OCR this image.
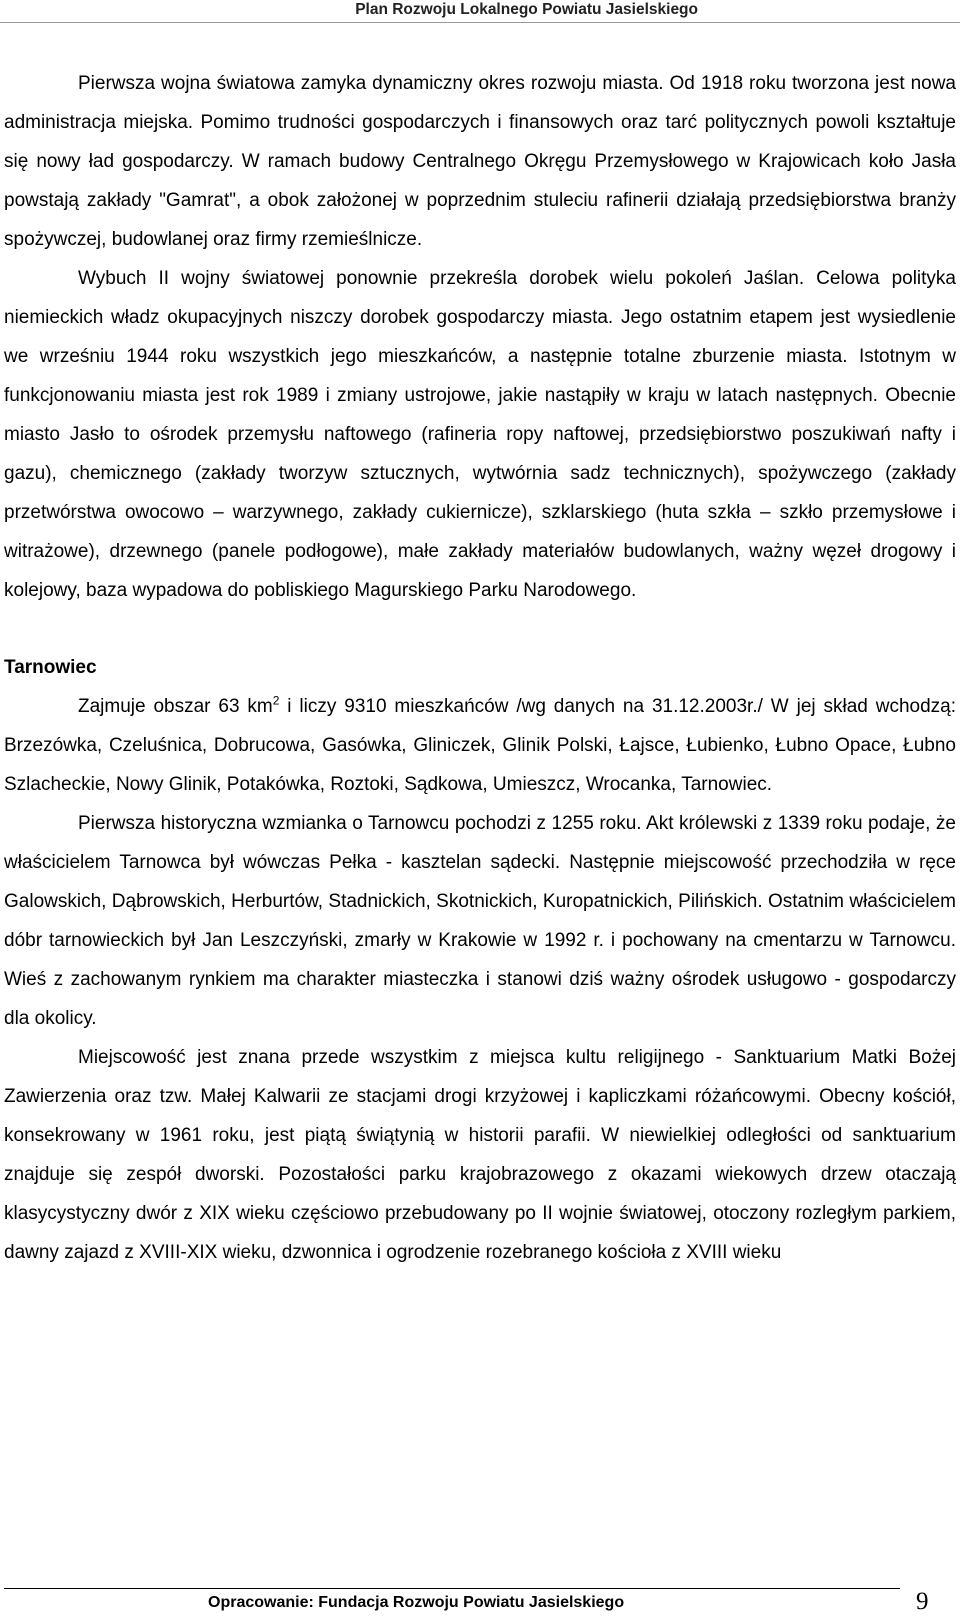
Plan Rozwoju Lokalnego Powiatu Jasielskiego

Pierwsza wojna światowa zamyka dynamiczny okres rozwoju miasta. Od 1918 roku tworzona jest nowa administracja miejska. Pomimo trudności gospodarczych i finansowych oraz tarć politycznych powoli kształtuje się nowy ład gospodarczy. W ramach budowy Centralnego Okręgu Przemysłowego w Krajowicach koło Jasła powstają zakłady "Gamrat", a obok założonej w poprzednim stuleciu rafinerii działają przedsiębiorstwa branży spożywczej, budowlanej oraz firmy rzemieślnicze.

Wybuch II wojny światowej ponownie przekreśla dorobek wielu pokoleń Jaślan. Celowa polityka niemieckich władz okupacyjnych niszczy dorobek gospodarczy miasta. Jego ostatnim etapem jest wysiedlenie we wrześniu 1944 roku wszystkich jego mieszkańców, a następnie totalne zburzenie miasta. Istotnym w funkcjonowaniu miasta jest rok 1989 i zmiany ustrojowe, jakie nastąpiły w kraju w latach następnych. Obecnie miasto Jasło to ośrodek przemysłu naftowego (rafineria ropy naftowej, przedsiębiorstwo poszukiwań nafty i gazu), chemicznego (zakłady tworzyw sztucznych, wytwórnia sadz technicznych), spożywczego (zakłady przetwórstwa owocowo – warzywnego, zakłady cukiernicze), szklarskiego (huta szkła – szkło przemysłowe i witrażowe), drzewnego (panele podłogowe), małe zakłady materiałów budowlanych, ważny węzeł drogowy i kolejowy, baza wypadowa do pobliskiego Magurskiego Parku Narodowego.

Tarnowiec

Zajmuje obszar 63 $km^2$ i liczy 9310 mieszkańców /wg danych na 31.12.2003r./ W jej skład wchodzą: Brzezówka, Czeluśnica, Dobrucowa, Gasówka, Gliniczek, Glinik Polski, Łajsce, Łubienko, Łubno Opace, Łubno Szlacheckie, Nowy Glinik, Potakówka, Roztoki, Sądkowa, Umieszcz, Wrocanka, Tarnowiec.

Pierwsza historyczna wzmianka o Tarnowcu pochodzi z 1255 roku. Akt królewski z 1339 roku podaje, że właścicielem Tarnowca był wówczas Pełka - kasztelan sądecki. Następnie miejscowość przechodziła w ręce Galowskich, Dąbrowskich, Herburtów, Stadnickich, Skotnickich, Kuropatnickich, Pilińskich. Ostatnim właścicielem dóbr tarnowieckich był Jan Leszczyński, zmarły w Krakowie w 1992 r. i pochowany na cmentarzu w Tarnowcu. Wieś z zachowanym rynkiem ma charakter miasteczka i stanowi dziś ważny ośrodek usługowo - gospodarczy dla okolicy.

Miejscowość jest znana przede wszystkim z miejsca kultu religijnego - Sanktuarium Matki Bożej Zawierzenia oraz tzw. Małej Kalwarii ze stacjami drogi krzyżowej i kapliczkami różańcowymi. Obecny kościół, konsekrowany w 1961 roku, jest piątą świątynią w historii parafii. W niewielkiej odległości od sanktuarium znajduje się zespół dworski. Pozostałości parku krajobrazowego z okazami wiekowych drzew otaczają klasycystyczny dwór z XIX wieku częściowo przebudowany po II wojnie światowej, otoczony rozległym parkiem, dawny zajazd z XVIII-XIX wieku, dzwonnica i ogrodzenie rozebranego kościoła z XVIII wieku

Opracowanie: Fundacja Rozwoju Powiatu Jasielskiego	9
